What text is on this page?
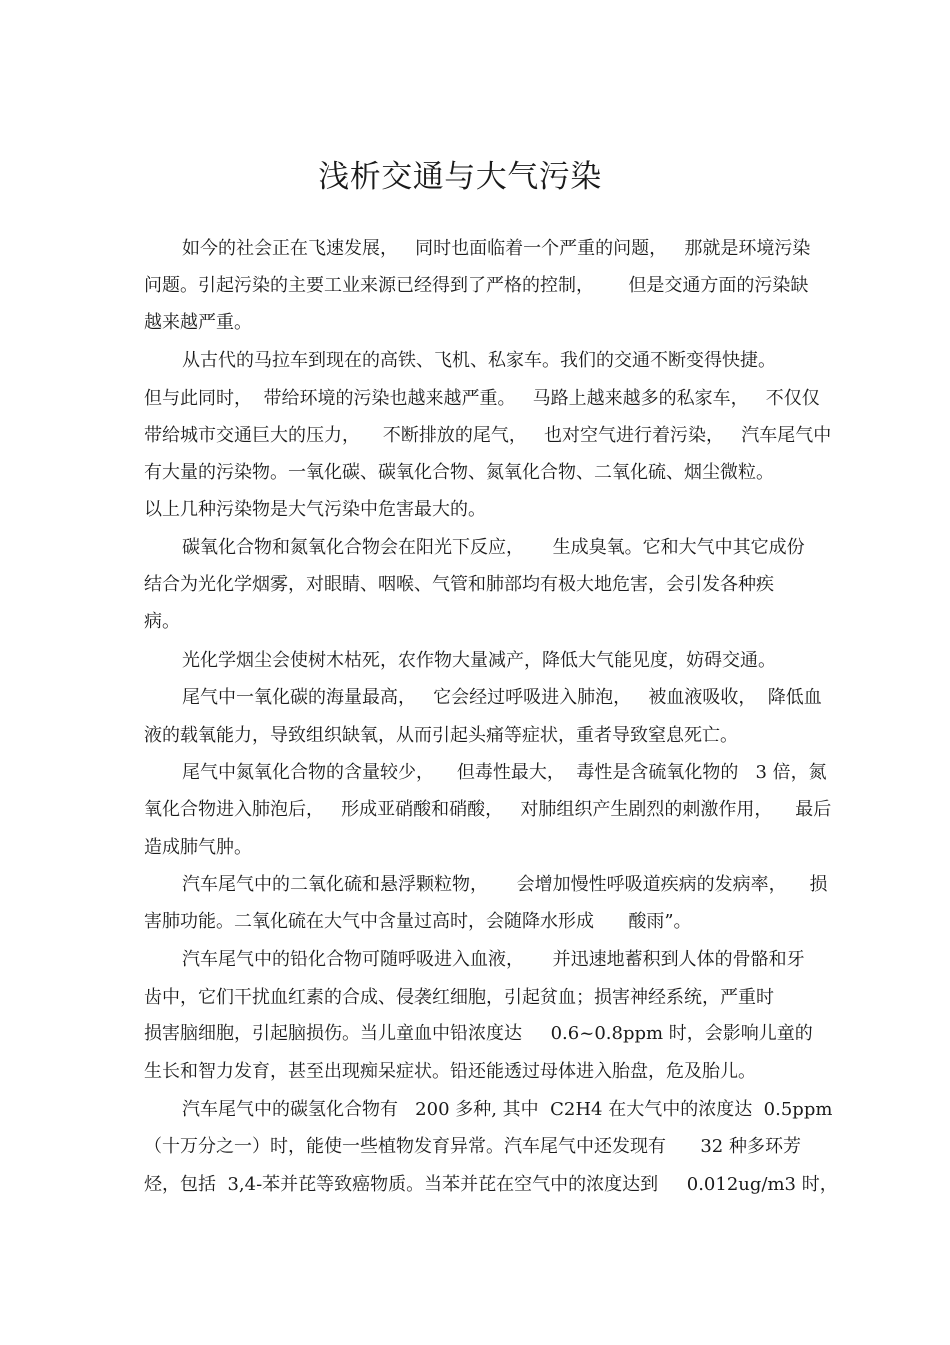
浅析交通与大气污染

如今的社会正在飞速发展，   同时也面临着一个严重的问题，   那就是环境污染

问题。引起污染的主要工业来源已经得到了严格的控制，      但是交通方面的污染缺

越来越严重。

从古代的马拉车到现在的高铁、飞机、私家车。我们的交通不断变得快捷。

但与此同时，  带给环境的污染也越来越严重。   马路上越来越多的私家车，   不仅仅

带给城市交通巨大的压力，    不断排放的尾气，   也对空气进行着污染，   汽车尾气中

有大量的污染物。一氧化碳、碳氧化合物、氮氧化合物、二氧化硫、烟尘微粒。

以上几种污染物是大气污染中危害最大的。

碳氧化合物和氮氧化合物会在阳光下反应，     生成臭氧。它和大气中其它成份

结合为光化学烟雾，对眼睛、咽喉、气管和肺部均有极大地危害，会引发各种疾

病。

光化学烟尘会使树木枯死，农作物大量减产，降低大气能见度，妨碍交通。

尾气中一氧化碳的海量最高，   它会经过呼吸进入肺泡，   被血液吸收，  降低血

液的载氧能力，导致组织缺氧，从而引起头痛等症状，重者导致窒息死亡。

尾气中氮氧化合物的含量较少，    但毒性最大，  毒性是含硫氧化物的   3 倍，氮

氧化合物进入肺泡后，   形成亚硝酸和硝酸，   对肺组织产生剧烈的刺激作用，    最后

造成肺气肿。

汽车尾气中的二氧化硫和悬浮颗粒物，     会增加慢性呼吸道疾病的发病率，    损

害肺功能。二氧化硫在大气中含量过高时，会随降水形成      酸雨”。

汽车尾气中的铅化合物可随呼吸进入血液，     并迅速地蓄积到人体的骨骼和牙

齿中，它们干扰血红素的合成、侵袭红细胞，引起贫血；损害神经系统，严重时

损害脑细胞，引起脑损伤。当儿童血中铅浓度达     0.6~0.8ppm 时，会影响儿童的

生长和智力发育，甚至出现痴呆症状。铅还能透过母体进入胎盘，危及胎儿。

汽车尾气中的碳氢化合物有   200 多种, 其中  C2H4 在大气中的浓度达  0.5ppm

（十万分之一）时，能使一些植物发育异常。汽车尾气中还发现有      32 种多环芳

烃，包括  3,4-苯并芘等致癌物质。当苯并芘在空气中的浓度达到     0.012ug/m3 时，
